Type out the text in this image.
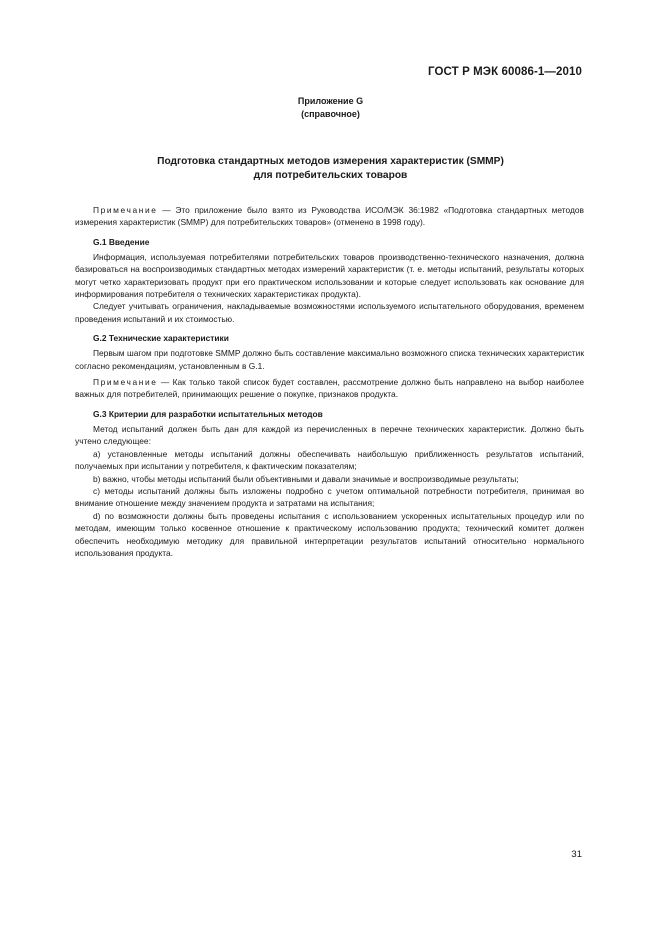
ГОСТ Р МЭК 60086-1—2010
Приложение G
(справочное)
Подготовка стандартных методов измерения характеристик (SMMP)
для потребительских товаров

Примечание — Это приложение было взято из Руководства ИСО/МЭК 36:1982 «Подготовка стандартных методов измерения характеристик (SMMP) для потребительских товаров» (отменено в 1998 году).

G.1 Введение

Информация, используемая потребителями потребительских товаров производственно-технического назначения, должна базироваться на воспроизводимых стандартных методах измерений характеристик (т. е. методы испытаний, результаты которых могут четко характеризовать продукт при его практическом использовании и которые следует использовать как основание для информирования потребителя о технических характеристиках продукта).

Следует учитывать ограничения, накладываемые возможностями используемого испытательного оборудования, временем проведения испытаний и их стоимостью.

G.2 Технические характеристики

Первым шагом при подготовке SMMP должно быть составление максимально возможного списка технических характеристик согласно рекомендациям, установленным в G.1.

Примечание — Как только такой список будет составлен, рассмотрение должно быть направлено на выбор наиболее важных для потребителей, принимающих решение о покупке, признаков продукта.

G.3 Критерии для разработки испытательных методов

Метод испытаний должен быть дан для каждой из перечисленных в перечне технических характеристик. Должно быть учтено следующее:

a) установленные методы испытаний должны обеспечивать наибольшую приближенность результатов испытаний, получаемых при испытании у потребителя, к фактическим показателям;

b) важно, чтобы методы испытаний были объективными и давали значимые и воспроизводимые результаты;

c) методы испытаний должны быть изложены подробно с учетом оптимальной потребности потребителя, принимая во внимание отношение между значением продукта и затратами на испытания;

d) по возможности должны быть проведены испытания с использованием ускоренных испытательных процедур или по методам, имеющим только косвенное отношение к практическому использованию продукта; технический комитет должен обеспечить необходимую методику для правильной интерпретации результатов испытаний относительно нормального использования продукта.

31
